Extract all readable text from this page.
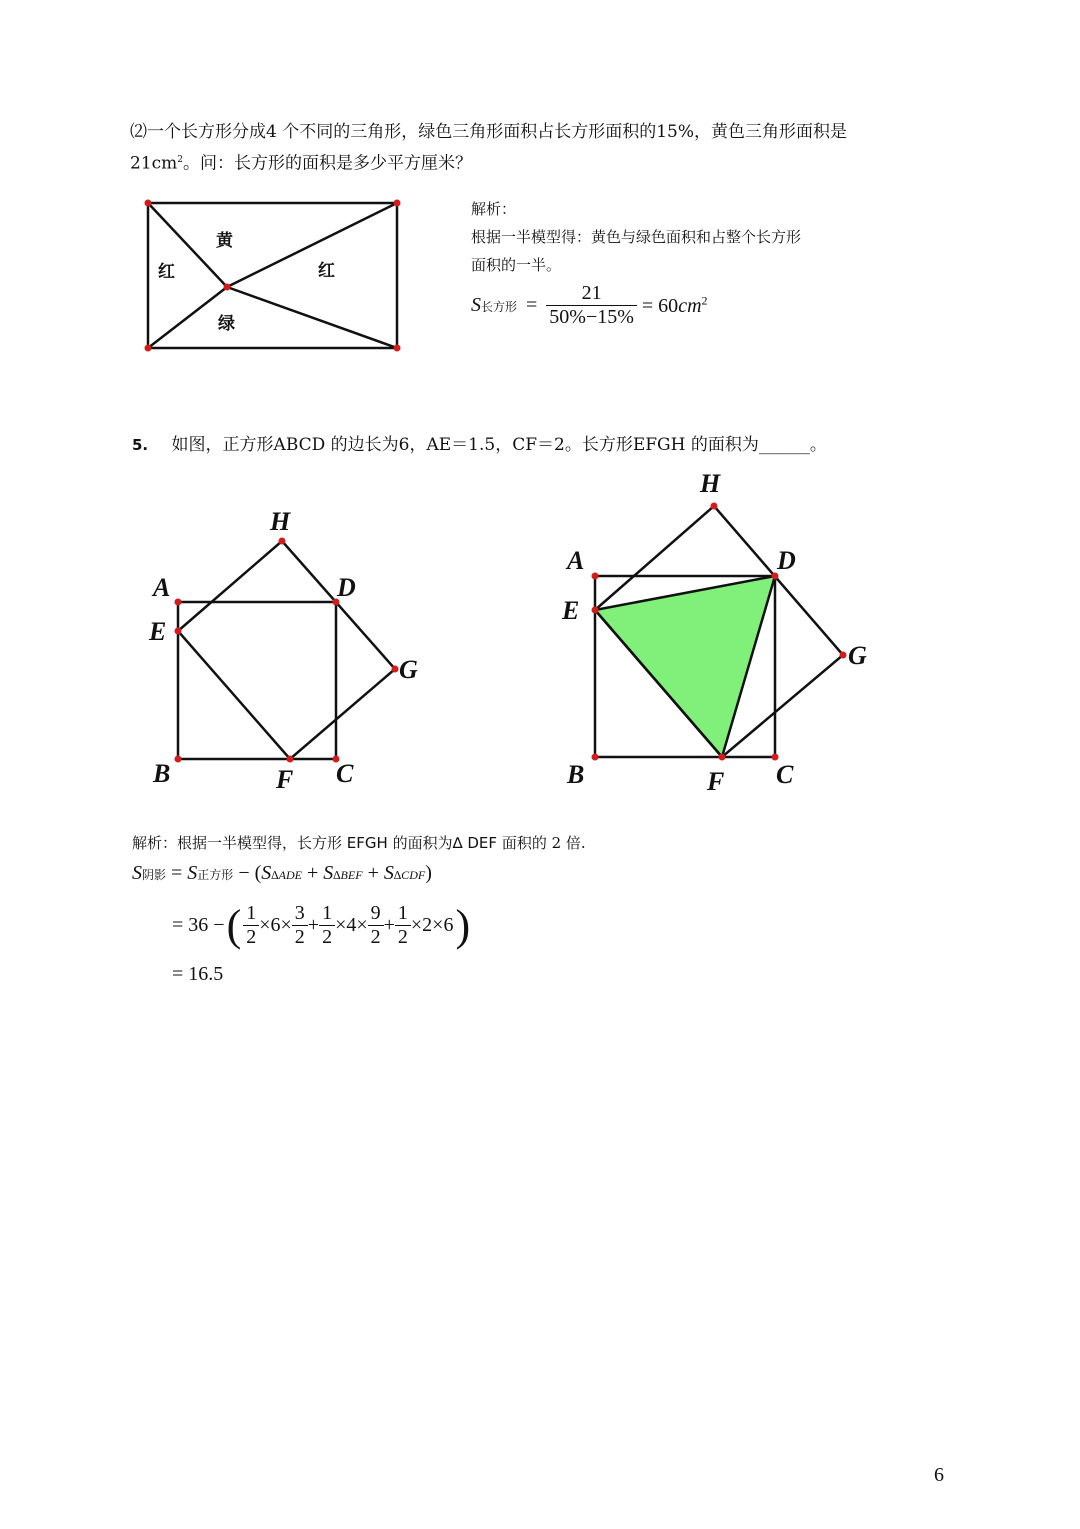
⑵一个长方形分成4 个不同的三角形，绿色三角形面积占长方形面积的15%，黄色三角形面积是
$21cm^2$。问：长方形的面积是多少平方厘米？
黄
红	红
绿
解析：
根据一半模型得：黄色与绿色面积和占整个长方形
面积的一半。
S长方形 = $\frac{21}{50\%-15\%} = 60cm^2$
5. 如图，正方形ABCD 的边长为6，AE＝1.5，CF＝2。长方形EFGH 的面积为______。
A
B	C
D
E
F
G
H
A
B	C
D
E
F
G
H
解析：根据一半模型得，长方形 EFGH 的面积为∆ DEF 面积的 2 倍.
S阴影 = S正方形 − (S∆ADE + S∆BEF + S∆CDF)
= 36 − ( $\frac{1}{2} \times 6\times \frac{3}{2} + \frac{1}{2} \times 4\times \frac{9}{2} + \frac{1}{2} \times 2\times 6$ )
= 16.5
6
